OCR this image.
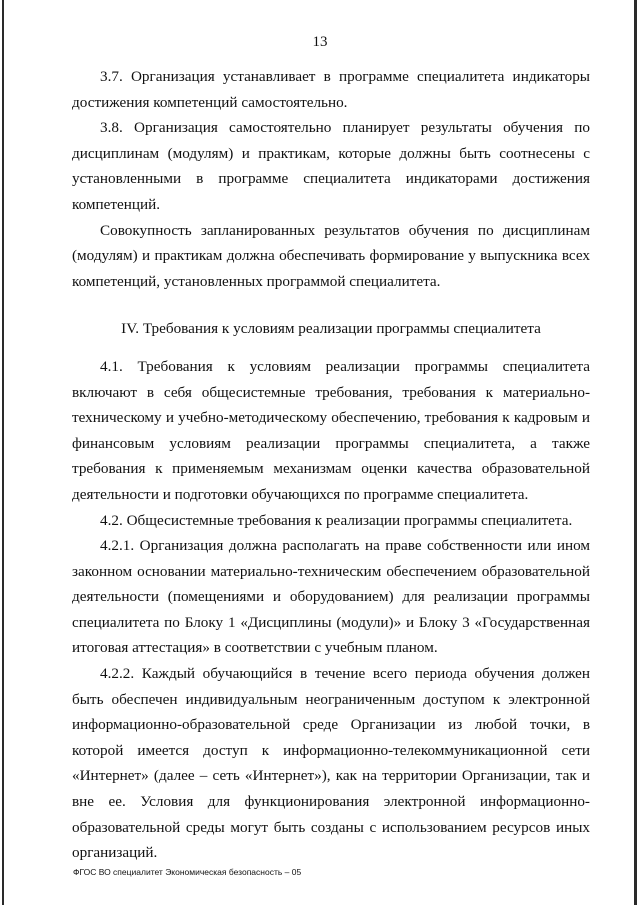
13

3.7. Организация устанавливает в программе специалитета индикаторы достижения компетенций самостоятельно.

3.8. Организация самостоятельно планирует результаты обучения по дисциплинам (модулям) и практикам, которые должны быть соотнесены с установленными в программе специалитета индикаторами достижения компетенций.

Совокупность запланированных результатов обучения по дисциплинам (модулям) и практикам должна обеспечивать формирование у выпускника всех компетенций, установленных программой специалитета.

IV. Требования к условиям реализации программы специалитета

4.1. Требования к условиям реализации программы специалитета включают в себя общесистемные требования, требования к материально-техническому и учебно-методическому обеспечению, требования к кадровым и финансовым условиям реализации программы специалитета, а также требования к применяемым механизмам оценки качества образовательной деятельности и подготовки обучающихся по программе специалитета.

4.2. Общесистемные требования к реализации программы специалитета.

4.2.1. Организация должна располагать на праве собственности или ином законном основании материально-техническим обеспечением образовательной деятельности (помещениями и оборудованием) для реализации программы специалитета по Блоку 1 «Дисциплины (модули)» и Блоку 3 «Государственная итоговая аттестация» в соответствии с учебным планом.

4.2.2. Каждый обучающийся в течение всего периода обучения должен быть обеспечен индивидуальным неограниченным доступом к электронной информационно-образовательной среде Организации из любой точки, в которой имеется доступ к информационно-телекоммуникационной сети «Интернет» (далее – сеть «Интернет»), как на территории Организации, так и вне ее. Условия для функционирования электронной информационно-образовательной среды могут быть созданы с использованием ресурсов иных организаций.

ФГОС ВО специалитет Экономическая безопасность – 05
